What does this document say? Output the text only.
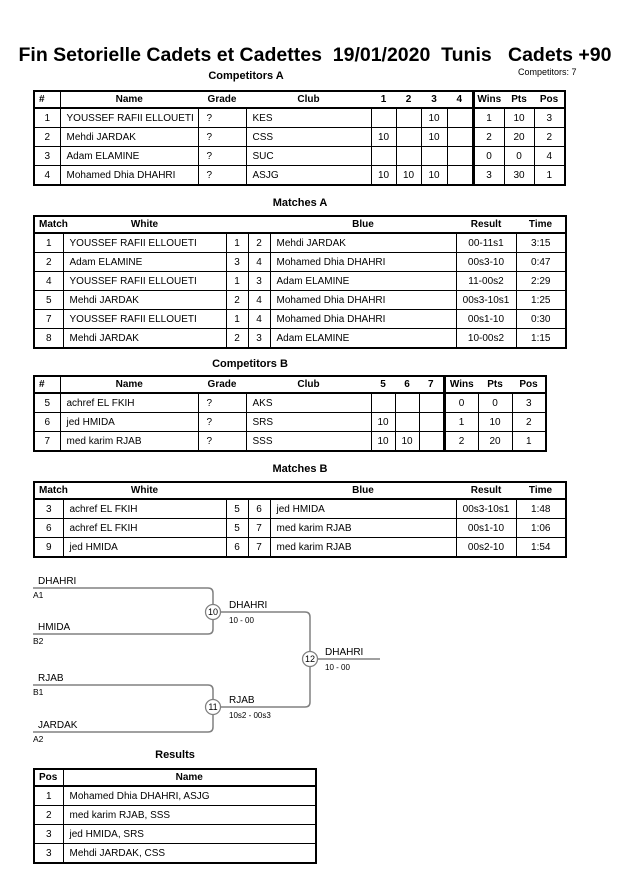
Fin Setorielle Cadets et Cadettes  19/01/2020  Tunis   Cadets +90
Competitors: 7
Competitors A
#	Name	Grade	Club	1	2	3	4	Wins	Pts	Pos
1	YOUSSEF RAFII ELLOUETI	?	KES			10		1	10	3
2	Mehdi JARDAK	?	CSS	10		10		2	20	2
3	Adam ELAMINE	?	SUC					0	0	4
4	Mohamed Dhia DHAHRI	?	ASJG	10	10	10		3	30	1
Matches A
Match	White			Blue	Result	Time
1	YOUSSEF RAFII ELLOUETI	1	2	Mehdi JARDAK	00-11s1	3:15
2	Adam ELAMINE	3	4	Mohamed Dhia DHAHRI	00s3-10	0:47
4	YOUSSEF RAFII ELLOUETI	1	3	Adam ELAMINE	11-00s2	2:29
5	Mehdi JARDAK	2	4	Mohamed Dhia DHAHRI	00s3-10s1	1:25
7	YOUSSEF RAFII ELLOUETI	1	4	Mohamed Dhia DHAHRI	00s1-10	0:30
8	Mehdi JARDAK	2	3	Adam ELAMINE	10-00s2	1:15
Competitors B
#	Name	Grade	Club	5	6	7	Wins	Pts	Pos
5	achref EL FKIH	?	AKS				0	0	3
6	jed HMIDA	?	SRS	10			1	10	2
7	med karim RJAB	?	SSS	10	10		2	20	1
Matches B
Match	White			Blue	Result	Time
3	achref EL FKIH	5	6	jed HMIDA	00s3-10s1	1:48
6	achref EL FKIH	5	7	med karim RJAB	00s1-10	1:06
9	jed HMIDA	6	7	med karim RJAB	00s2-10	1:54
DHAHRI
A1
HMIDA
B2
RJAB
B1
JARDAK
A2
10
DHAHRI
10 - 00
11
RJAB
10s2 - 00s3
12
DHAHRI
10 - 00
Results
Pos	Name
1	Mohamed Dhia DHAHRI, ASJG
2	med karim RJAB, SSS
3	jed HMIDA, SRS
3	Mehdi JARDAK, CSS
